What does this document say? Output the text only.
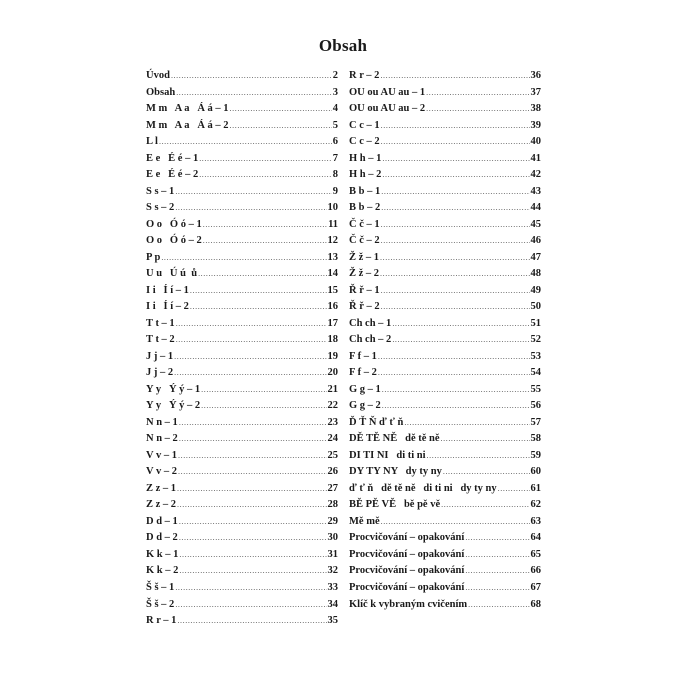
Obsah
Úvod .....	2
Obsah .....	3
M m   A a   Á á – 1 .....	4
M m   A a   Á á – 2 .....	5
L l .....	6
E e   É é – 1 .....	7
E e   É é – 2 .....	8
S s – 1 .....	9
S s – 2 .....	10
O o   Ó ó – 1 .....	11
O o   Ó ó – 2 .....	12
P p .....	13
U u   Ú ú  ů .....	14
I i   Í í – 1 .....	15
I i   Í í – 2 .....	16
T t – 1 .....	17
T t – 2 .....	18
J j – 1 .....	19
J j – 2 .....	20
Y y   Ý ý – 1 .....	21
Y y   Ý ý – 2 .....	22
N n – 1 .....	23
N n – 2 .....	24
V v – 1 .....	25
V v – 2 .....	26
Z z – 1 .....	27
Z z – 2 .....	28
D d – 1 .....	29
D d – 2 .....	30
K k – 1 .....	31
K k – 2 .....	32
Š š – 1 .....	33
Š š – 2 .....	34
R r – 1 .....	35
R r – 2 .....	36
OU ou AU au – 1 .....	37
OU ou AU au – 2 .....	38
C c – 1 .....	39
C c – 2 .....	40
H h – 1 .....	41
H h – 2 .....	42
B b – 1 .....	43
B b – 2 .....	44
Č č – 1 .....	45
Č č – 2 .....	46
Ž ž – 1 .....	47
Ž ž – 2 .....	48
Ř ř – 1 .....	49
Ř ř – 2 .....	50
Ch ch – 1 .....	51
Ch ch – 2 .....	52
F f – 1 .....	53
F f – 2 .....	54
G g – 1 .....	55
G g – 2 .....	56
Ď Ť Ň ď ť ň .....	57
DĚ TĚ NĚ   dě tě ně .....	58
DI TI NI   di ti ni .....	59
DY TY NY   dy ty ny .....	60
ď ť ň   dě tě ně   di ti ni   dy ty ny .....	61
BĚ PĚ VĚ   bě pě vě .....	62
Mě mě .....	63
Procvičování – opakování .....	64
Procvičování – opakování .....	65
Procvičování – opakování .....	66
Procvičování – opakování .....	67
Klíč k vybraným cvičením .....	68
